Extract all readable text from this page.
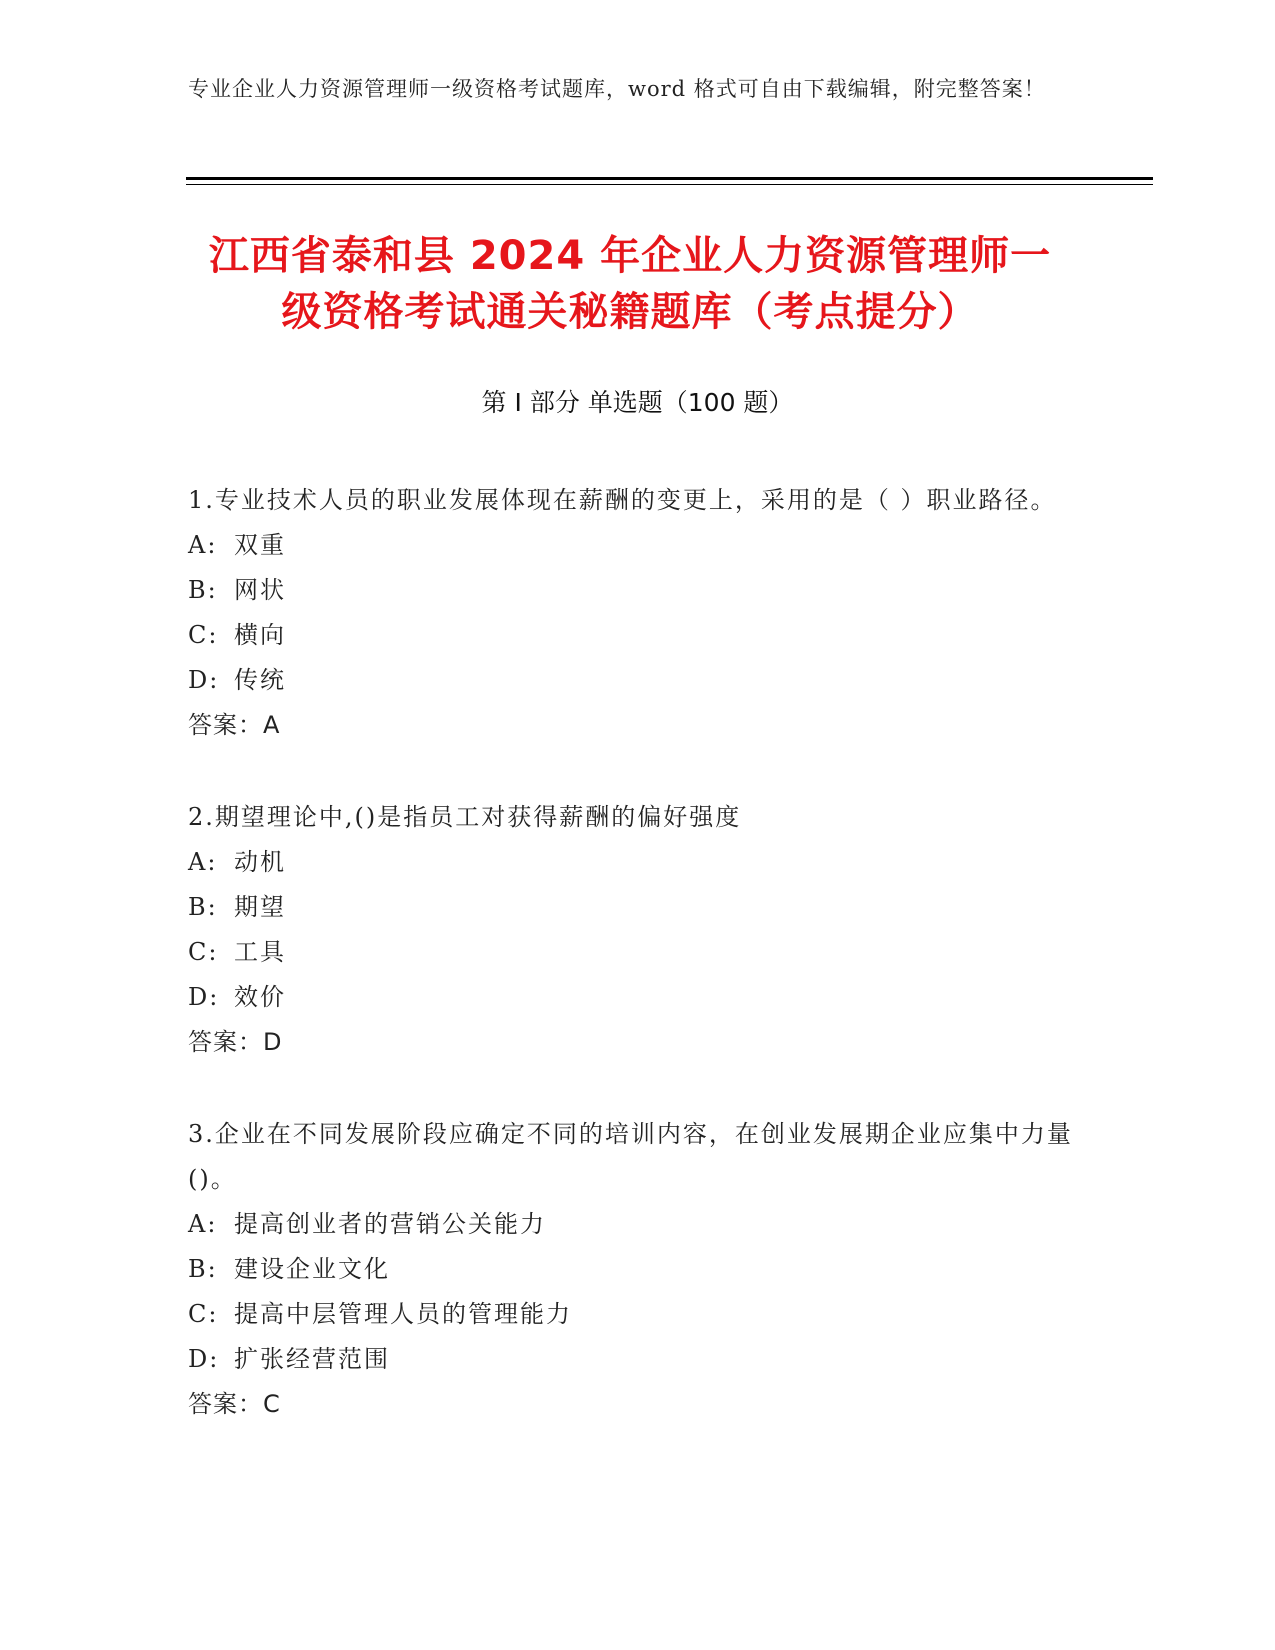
专业企业人力资源管理师一级资格考试题库，word 格式可自由下载编辑，附完整答案！
江西省泰和县 2024 年企业人力资源管理师一
级资格考试通关秘籍题库（考点提分）
第 I 部分 单选题（100 题）
1.专业技术人员的职业发展体现在薪酬的变更上，采用的是（ ）职业路径。
A: 双重
B: 网状
C: 横向
D: 传统
答案：A
2.期望理论中,()是指员工对获得薪酬的偏好强度
A: 动机
B: 期望
C: 工具
D: 效价
答案：D
3.企业在不同发展阶段应确定不同的培训内容，在创业发展期企业应集中力量()。
A: 提高创业者的营销公关能力
B: 建设企业文化
C: 提高中层管理人员的管理能力
D: 扩张经营范围
答案：C
